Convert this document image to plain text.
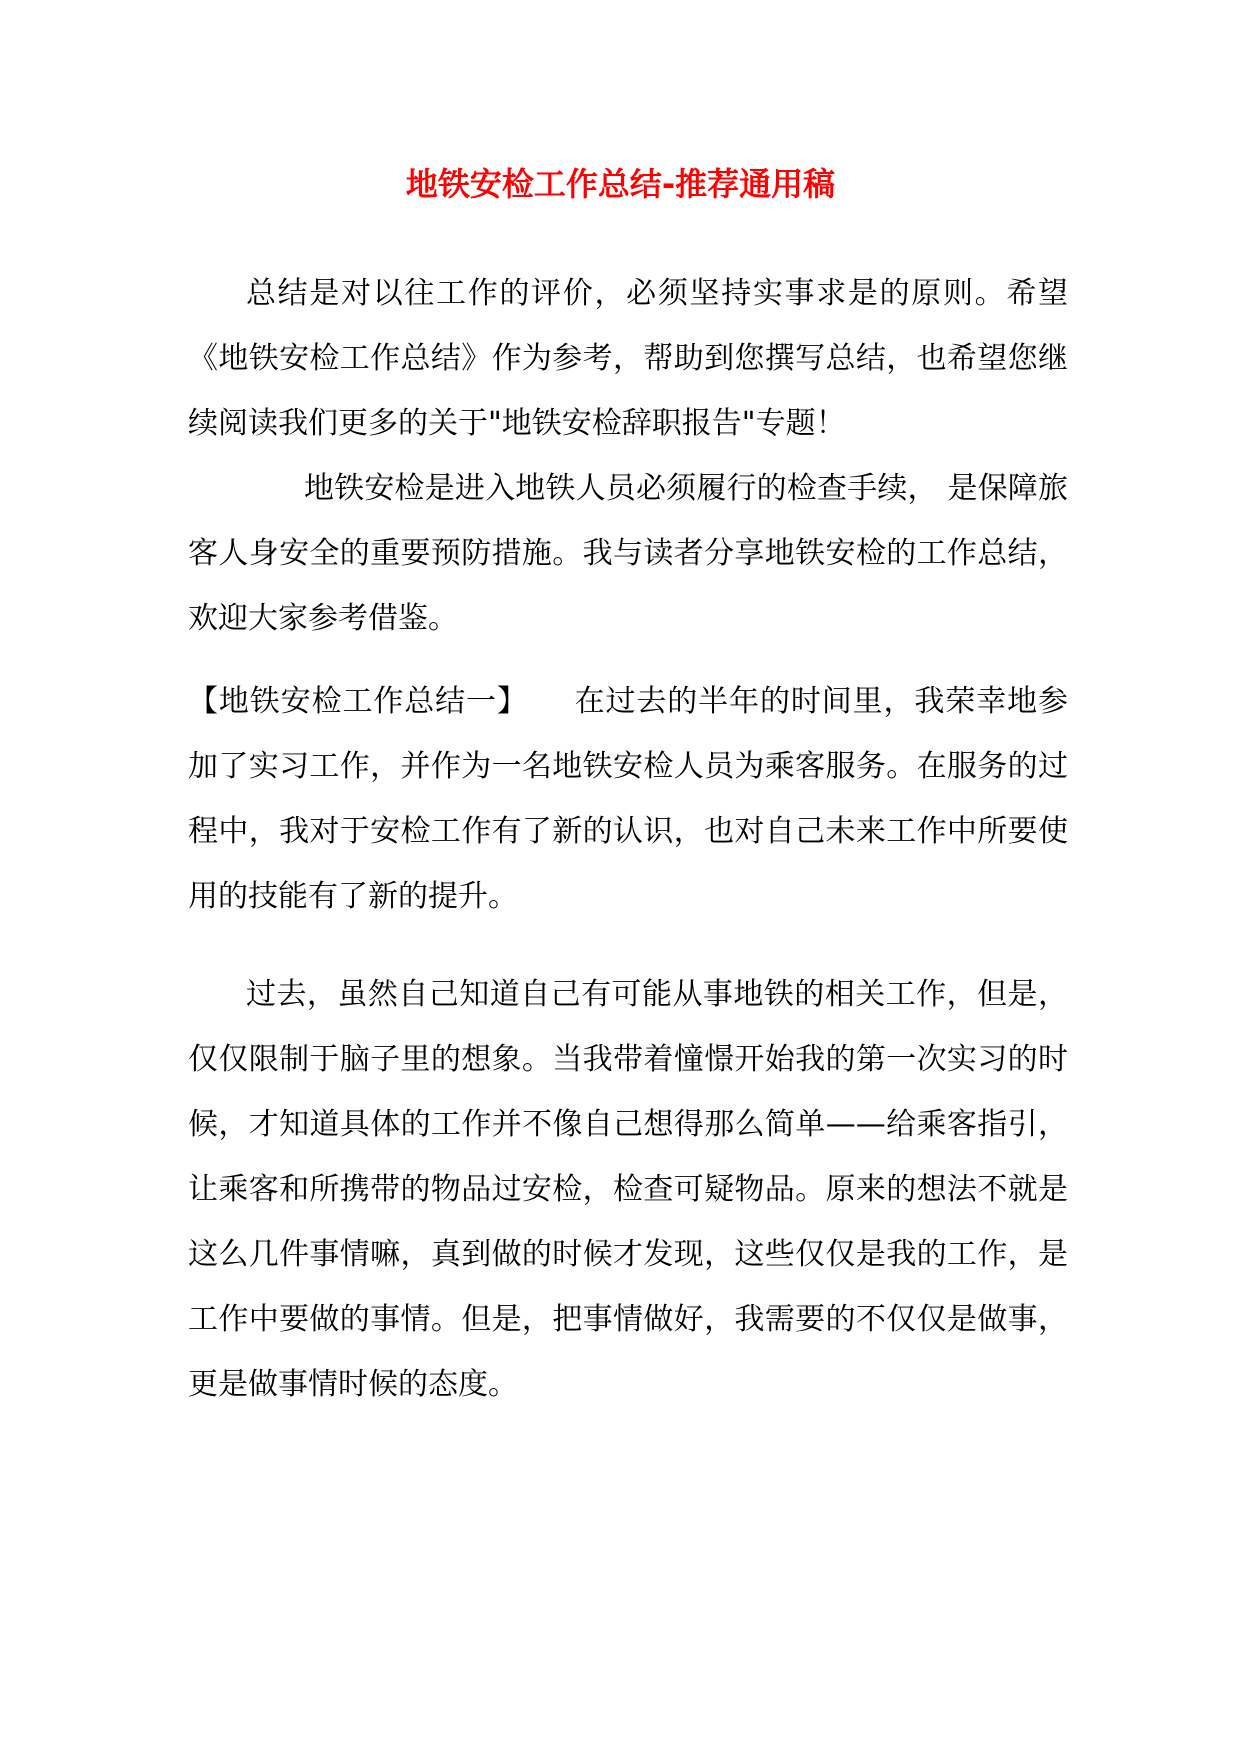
地铁安检工作总结-推荐通用稿

总结是对以往工作的评价，必须坚持实事求是的原则。希望《地铁安检工作总结》作为参考，帮助到您撰写总结，也希望您继续阅读我们更多的关于"地铁安检辞职报告"专题！

地铁安检是进入地铁人员必须履行的检查手续， 是保障旅客人身安全的重要预防措施。我与读者分享地铁安检的工作总结，欢迎大家参考借鉴。

【地铁安检工作总结一】　　在过去的半年的时间里，我荣幸地参加了实习工作，并作为一名地铁安检人员为乘客服务。在服务的过程中，我对于安检工作有了新的认识，也对自己未来工作中所要使用的技能有了新的提升。

过去，虽然自己知道自己有可能从事地铁的相关工作，但是，仅仅限制于脑子里的想象。当我带着憧憬开始我的第一次实习的时候，才知道具体的工作并不像自己想得那么简单——给乘客指引，让乘客和所携带的物品过安检，检查可疑物品。原来的想法不就是这么几件事情嘛，真到做的时候才发现，这些仅仅是我的工作，是工作中要做的事情。但是，把事情做好，我需要的不仅仅是做事，更是做事情时候的态度。
